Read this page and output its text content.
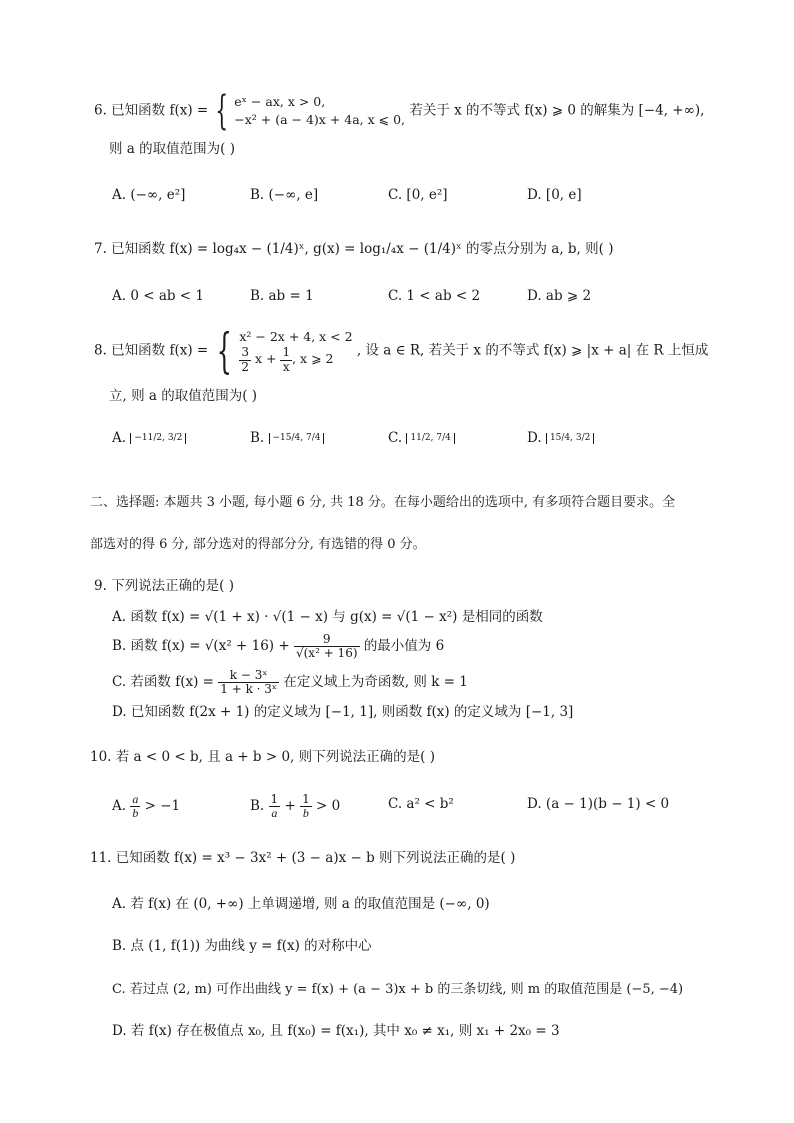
6. 已知函数 f(x) = { eˣ − ax, x > 0,
−x² + (a − 4)x + 4a, x ⩽ 0,
若关于 x 的不等式 f(x) ⩾ 0 的解集为 [−4, +∞),
则 a 的取值范围为( )
A. (−∞, e²]	B. (−∞, e]	C. [0, e²]	D. [0, e]
7. 已知函数 f(x) = log₄x − (1/4)ˣ, g(x) = log₁/₄x − (1/4)ˣ 的零点分别为 a, b, 则( )
A. 0 < ab < 1	B. ab = 1	C. 1 < ab < 2	D. ab ⩾ 2
8. 已知函数 f(x) = { x² − 2x + 4, x < 2
$\frac{3}{2}$ $x + \frac{1}{x}$ , x ⩾ 2
, 设 a ∈ R, 若关于 x 的不等式 f(x) ⩾ |x + a| 在 R 上恒成
立, 则 a 的取值范围为( )
A. −11/2, 3/2	B. −15/4, 7/4	C. 11/2, 7/4	D. 15/4, 3/2
二、选择题: 本题共 3 小题, 每小题 6 分, 共 18 分。在每小题给出的选项中, 有多项符合题目要求。全
部选对的得 6 分, 部分选对的得部分分, 有选错的得 0 分。
9. 下列说法正确的是( )
A. 函数 f(x) = √(1 + x) · √(1 − x) 与 g(x) = √(1 − x²) 是相同的函数
B. 函数 $f(x) = √(x^2 + 16) + \frac{9}{\text{√(x² + 16)}}$ 的最小值为 6
C. 若函数 $f(x) = \frac{\text{k − 3ˣ}}{\text{1 + k · 3ˣ}}$ 在定义域上为奇函数, 则 k = 1
D. 已知函数 f(2x + 1) 的定义域为 [−1, 1], 则函数 f(x) 的定义域为 [−1, 3]
10. 若 a < 0 < b, 且 a + b > 0, 则下列说法正确的是( )
A. $\frac{a}{b} > -1$	B. $\frac{1}{a} + \frac{1}{b} > 0$	C. a² < b²	D. (a − 1)(b − 1) < 0
11. 已知函数 f(x) = x³ − 3x² + (3 − a)x − b 则下列说法正确的是( )
A. 若 f(x) 在 (0, +∞) 上单调递增, 则 a 的取值范围是 (−∞, 0)
B. 点 (1, f(1)) 为曲线 y = f(x) 的对称中心
C. 若过点 (2, m) 可作出曲线 y = f(x) + (a − 3)x + b 的三条切线, 则 m 的取值范围是 (−5, −4)
D. 若 f(x) 存在极值点 x₀, 且 f(x₀) = f(x₁), 其中 x₀ ≠ x₁, 则 x₁ + 2x₀ = 3
